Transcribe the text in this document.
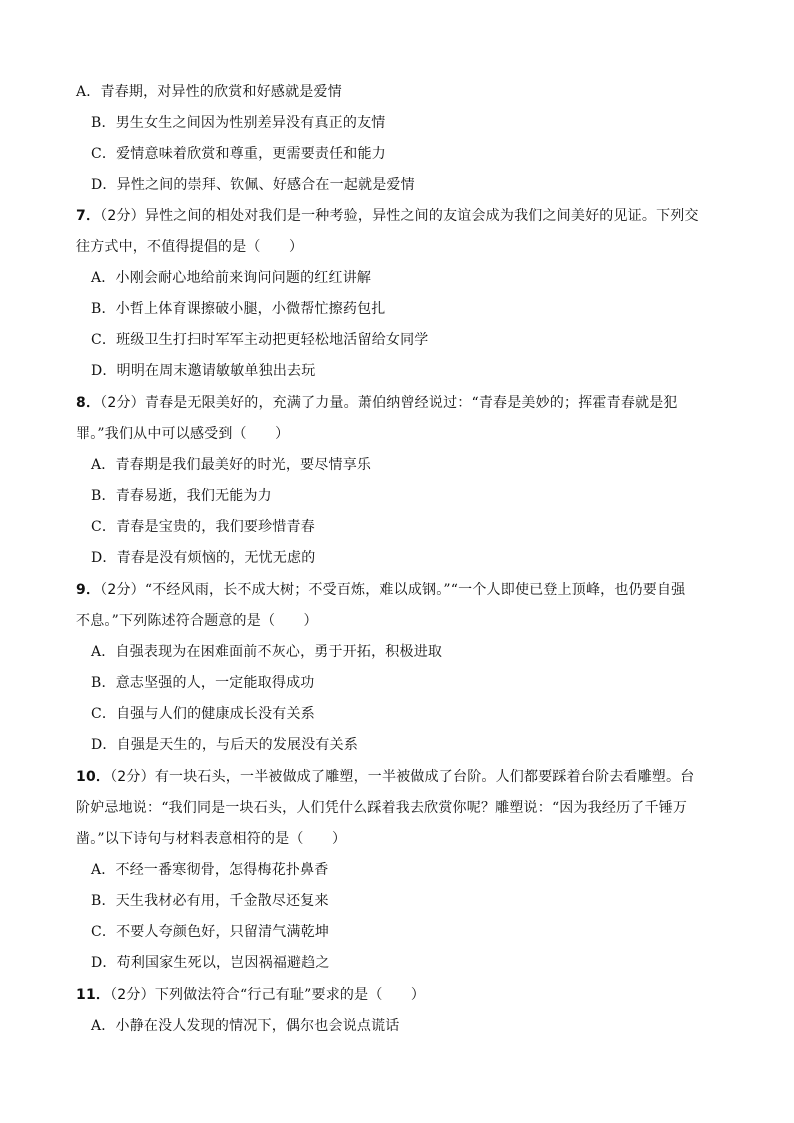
A．青春期，对异性的欣赏和好感就是爱情
B．男生女生之间因为性别差异没有真正的友情
C．爱情意味着欣赏和尊重，更需要责任和能力
D．异性之间的崇拜、钦佩、好感合在一起就是爱情
7．（2分）异性之间的相处对我们是一种考验，异性之间的友谊会成为我们之间美好的见证。下列交
往方式中，不值得提倡的是（　　）
A．小刚会耐心地给前来询问问题的红红讲解
B．小哲上体育课擦破小腿，小微帮忙擦药包扎
C．班级卫生打扫时军军主动把更轻松地活留给女同学
D．明明在周末邀请敏敏单独出去玩
8．（2分）青春是无限美好的，充满了力量。萧伯纳曾经说过：“青春是美妙的；挥霍青春就是犯
罪。”我们从中可以感受到（　　）
A．青春期是我们最美好的时光，要尽情享乐
B．青春易逝，我们无能为力
C．青春是宝贵的，我们要珍惜青春
D．青春是没有烦恼的，无忧无虑的
9．（2分）“不经风雨，长不成大树；不受百炼，难以成钢。”“一个人即使已登上顶峰，也仍要自强
不息。”下列陈述符合题意的是（　　）
A．自强表现为在困难面前不灰心，勇于开拓，积极进取
B．意志坚强的人，一定能取得成功
C．自强与人们的健康成长没有关系
D．自强是天生的，与后天的发展没有关系
10．（2分）有一块石头，一半被做成了雕塑，一半被做成了台阶。人们都要踩着台阶去看雕塑。台
阶妒忌地说：“我们同是一块石头，人们凭什么踩着我去欣赏你呢？雕塑说：“因为我经历了千锤万
凿。”以下诗句与材料表意相符的是（　　）
A．不经一番寒彻骨，怎得梅花扑鼻香
B．天生我材必有用，千金散尽还复来
C．不要人夸颜色好，只留清气满乾坤
D．苟利国家生死以，岂因祸福避趋之
11．（2分）下列做法符合“行己有耻”要求的是（　　）
A．小静在没人发现的情况下，偶尔也会说点谎话
